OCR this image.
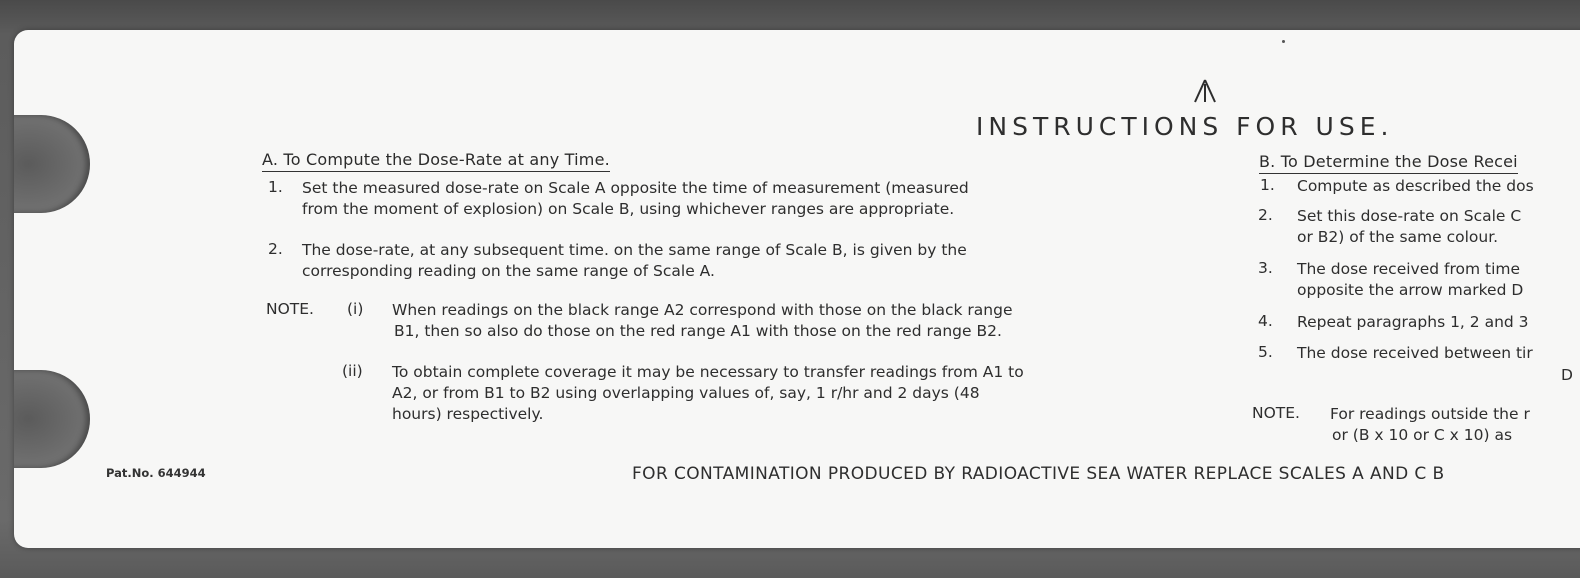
INSTRUCTIONS FOR USE.
A. To Compute the Dose-Rate at any Time.
1. Set the measured dose-rate on Scale A opposite the time of measurement (measured
from the moment of explosion) on Scale B, using whichever ranges are appropriate.
2. The dose-rate, at any subsequent time. on the same range of Scale B, is given by the
corresponding reading on the same range of Scale A.
NOTE. (i) When readings on the black range A2 correspond with those on the black range
B1, then so also do those on the red range A1 with those on the red range B2.
(ii) To obtain complete coverage it may be necessary to transfer readings from A1 to
A2, or from B1 to B2 using overlapping values of, say, 1 r/hr and 2 days (48
hours) respectively.
B. To Determine the Dose Recei
1. Compute as described the dos
2. Set this dose-rate on Scale C
or B2) of the same colour.
3. The dose received from time
opposite the arrow marked D
4. Repeat paragraphs 1, 2 and 3
5. The dose received between tir
D
NOTE. For readings outside the r
or (B x 10 or C x 10) as
Pat.No. 644944	FOR CONTAMINATION PRODUCED BY RADIOACTIVE SEA WATER REPLACE SCALES A AND C B
